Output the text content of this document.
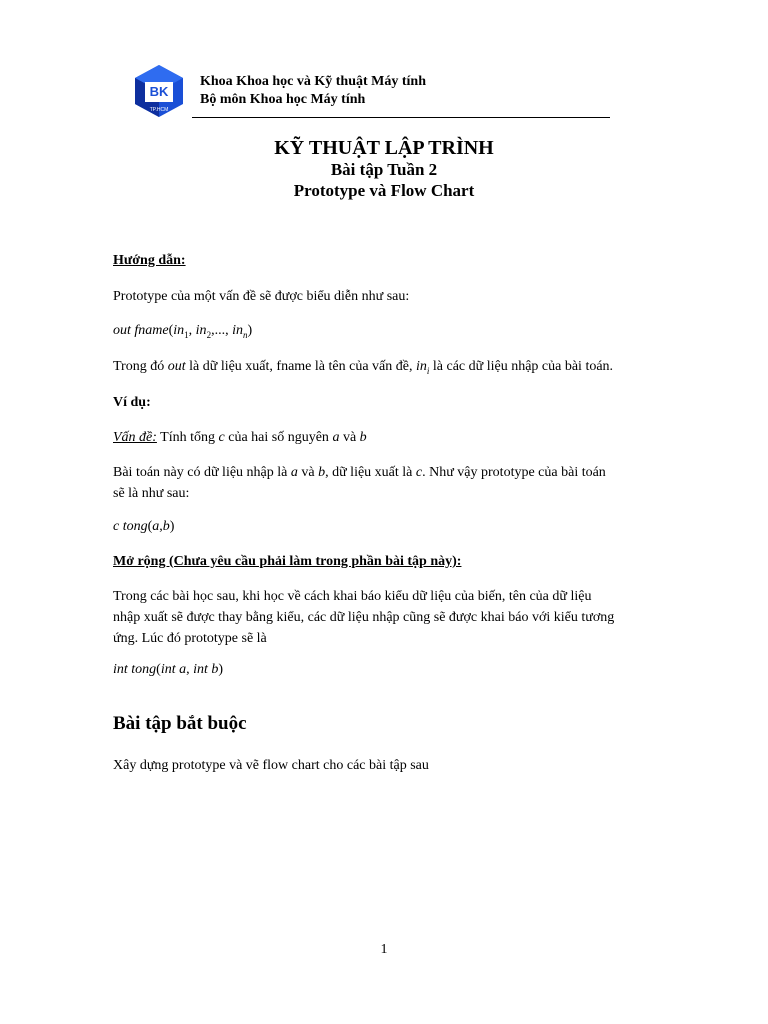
BK
TP.HCM
Khoa Khoa học và Kỹ thuật Máy tính
Bộ môn Khoa học Máy tính
KỸ THUẬT LẬP TRÌNH
Bài tập Tuần 2
Prototype và Flow Chart
Hướng dẫn:
Prototype của một vấn đề sẽ được biểu diễn như sau:
out $fname(in_1$, $in_2$,..., $in_n$)
Trong đó out là dữ liệu xuất, fname là tên của vấn đề, $in_i$ là các dữ liệu nhập của bài toán.
Ví dụ:
Vấn đề: Tính tổng c của hai số nguyên a và b
Bài toán này có dữ liệu nhập là a và b, dữ liệu xuất là c. Như vậy prototype của bài toán
sẽ là như sau:
c tong(a,b)
Mở rộng (Chưa yêu cầu phải làm trong phần bài tập này):
Trong các bài học sau, khi học về cách khai báo kiểu dữ liệu của biến, tên của dữ liệu
nhập xuất sẽ được thay bằng kiểu, các dữ liệu nhập cũng sẽ được khai báo với kiểu tương
ứng. Lúc đó prototype sẽ là
int tong(int a, int b)
Bài tập bắt buộc
Xây dựng prototype và vẽ flow chart cho các bài tập sau
1
